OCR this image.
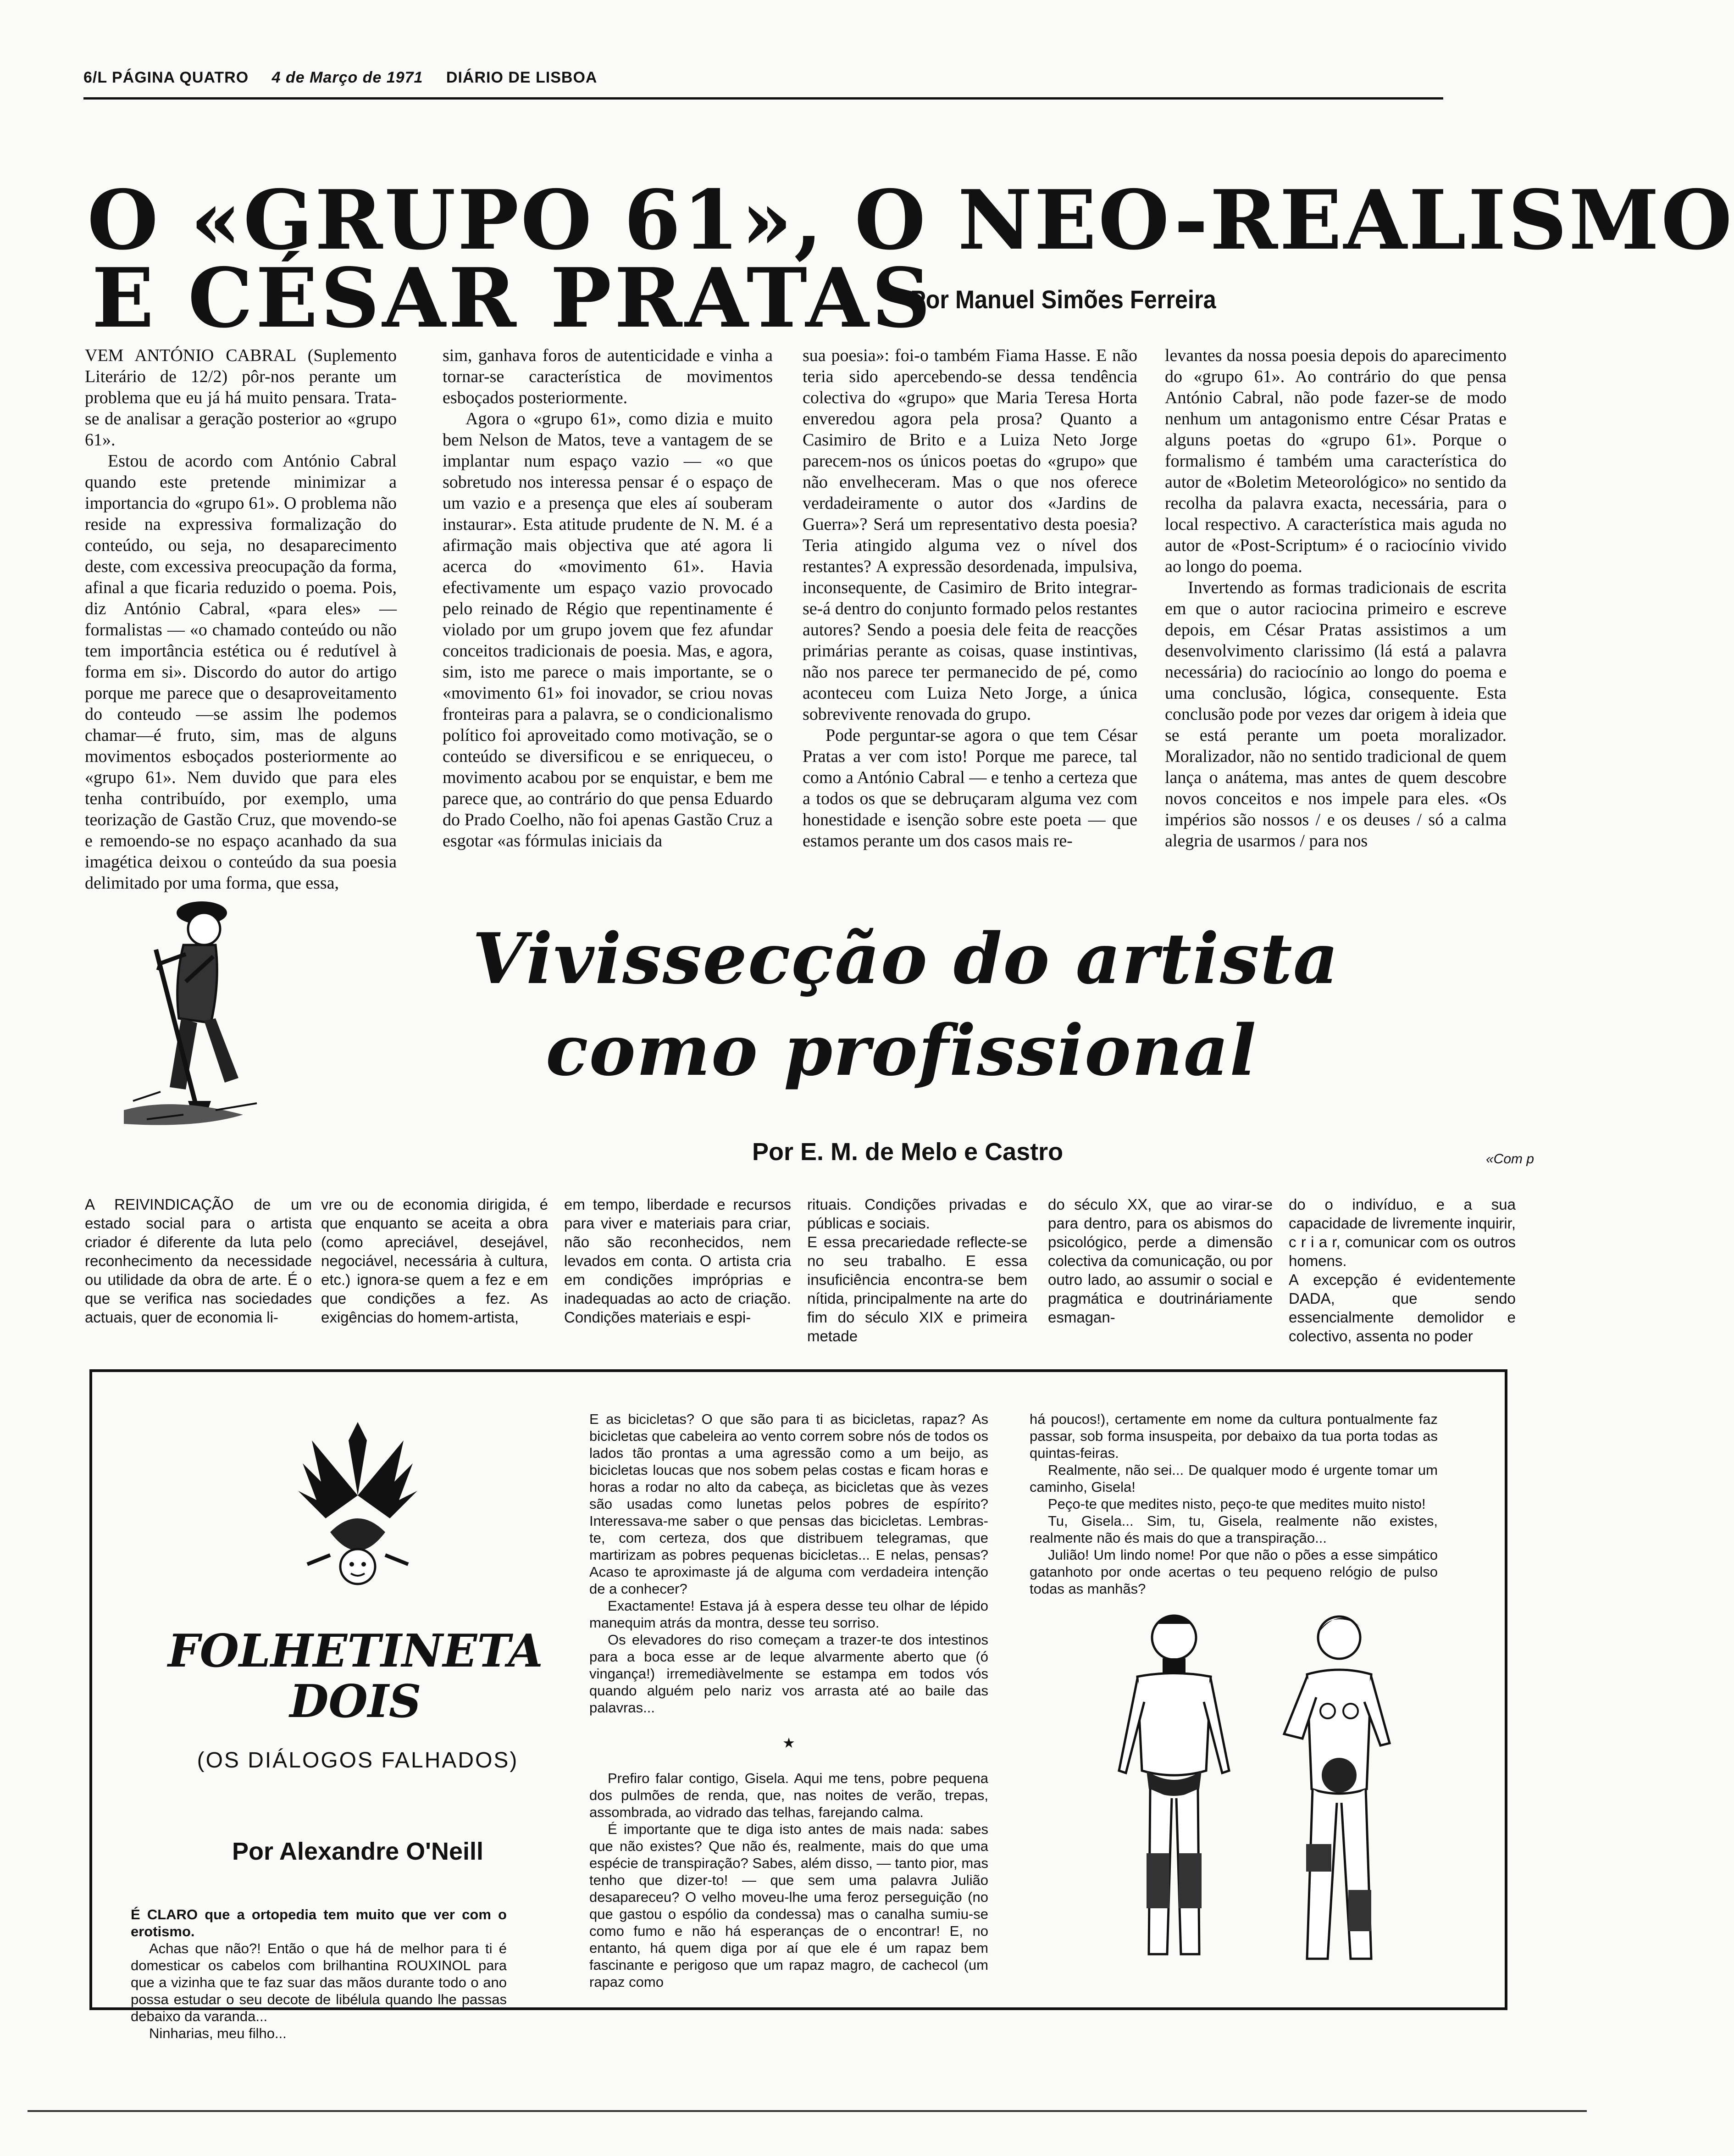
6/L PÁGINA QUATRO 4 de Março de 1971 DIÁRIO DE LISBOA
O «GRUPO 61», O NEO-REALISMO
E CÉSAR PRATAS
Por Manuel Simões Ferreira

VEM ANTÓNIO CABRAL (Suplemento Literário de 12/2) pôr-nos perante um problema que eu já há muito pensara. Trata-se de analisar a geração posterior ao «grupo 61».

Estou de acordo com António Cabral quando este pretende minimizar a importancia do «grupo 61». O problema não reside na expressiva formalização do conteúdo, ou seja, no desaparecimento deste, com excessiva preocupação da forma, afinal a que ficaria reduzido o poema. Pois, diz António Cabral, «para eles» — formalistas — «o chamado conteúdo ou não tem importância estética ou é redutível à forma em si». Discordo do autor do artigo porque me parece que o desaproveitamento do conteudo —se assim lhe podemos chamar—é fruto, sim, mas de alguns movimentos esboçados posteriormente ao «grupo 61». Nem duvido que para eles tenha contribuído, por exemplo, uma teorização de Gastão Cruz, que movendo-se e remoendo-se no espaço acanhado da sua imagética deixou o conteúdo da sua poesia delimitado por uma forma, que essa,

sim, ganhava foros de autenticidade e vinha a tornar-se característica de movimentos esboçados posteriormente.

Agora o «grupo 61», como dizia e muito bem Nelson de Matos, teve a vantagem de se implantar num espaço vazio — «o que sobretudo nos interessa pensar é o espaço de um vazio e a presença que eles aí souberam instaurar». Esta atitude prudente de N. M. é a afirmação mais objectiva que até agora li acerca do «movimento 61». Havia efectivamente um espaço vazio provocado pelo reinado de Régio que repentinamente é violado por um grupo jovem que fez afundar conceitos tradicionais de poesia. Mas, e agora, sim, isto me parece o mais importante, se o «movimento 61» foi inovador, se criou novas fronteiras para a palavra, se o condicionalismo político foi aproveitado como motivação, se o conteúdo se diversificou e se enriqueceu, o movimento acabou por se enquistar, e bem me parece que, ao contrário do que pensa Eduardo do Prado Coelho, não foi apenas Gastão Cruz a esgotar «as fórmulas iniciais da

sua poesia»: foi-o também Fiama Hasse. E não teria sido apercebendo-se dessa tendência colectiva do «grupo» que Maria Teresa Horta enveredou agora pela prosa? Quanto a Casimiro de Brito e a Luiza Neto Jorge parecem-nos os únicos poetas do «grupo» que não envelheceram. Mas o que nos oferece verdadeiramente o autor dos «Jardins de Guerra»? Será um representativo desta poesia? Teria atingido alguma vez o nível dos restantes? A expressão desordenada, impulsiva, inconsequente, de Casimiro de Brito integrar-se-á dentro do conjunto formado pelos restantes autores? Sendo a poesia dele feita de reacções primárias perante as coisas, quase instintivas, não nos parece ter permanecido de pé, como aconteceu com Luiza Neto Jorge, a única sobrevivente renovada do grupo.

Pode perguntar-se agora o que tem César Pratas a ver com isto! Porque me parece, tal como a António Cabral — e tenho a certeza que a todos os que se debruçaram alguma vez com honestidade e isenção sobre este poeta — que estamos perante um dos casos mais re-

levantes da nossa poesia depois do aparecimento do «grupo 61». Ao contrário do que pensa António Cabral, não pode fazer-se de modo nenhum um antagonismo entre César Pratas e alguns poetas do «grupo 61». Porque o formalismo é também uma característica do autor de «Boletim Meteorológico» no sentido da recolha da palavra exacta, necessária, para o local respectivo. A característica mais aguda no autor de «Post-Scriptum» é o raciocínio vivido ao longo do poema.

Invertendo as formas tradicionais de escrita em que o autor raciocina primeiro e escreve depois, em César Pratas assistimos a um desenvolvimento clarissimo (lá está a palavra necessária) do raciocínio ao longo do poema e uma conclusão, lógica, consequente. Esta conclusão pode por vezes dar origem à ideia que se está perante um poeta moralizador. Moralizador, não no sentido tradicional de quem lança o anátema, mas antes de quem descobre novos conceitos e nos impele para eles. «Os impérios são nossos / e os deuses / só a calma alegria de usarmos / para nos

Vivissecção do artista
como profissional
Por E. M. de Melo e Castro	«Com p

A REIVINDICAÇÃO de um estado social para o artista criador é diferente da luta pelo reconhecimento da necessidade ou utilidade da obra de arte. É o que se verifica nas sociedades actuais, quer de economia li-

vre ou de economia dirigida, é que enquanto se aceita a obra (como apreciável, desejável, negociável, necessária à cultura, etc.) ignora-se quem a fez e em que condições a fez. As exigências do homem-artista,

em tempo, liberdade e recursos para viver e materiais para criar, não são reconhecidos, nem levados em conta. O artista cria em condições impróprias e inadequadas ao acto de criação. Condições materiais e espi-

rituais. Condições privadas e públicas e sociais.
E essa precariedade reflecte-se no seu trabalho. E essa insuficiência encontra-se bem nítida, principalmente na arte do fim do século XIX e primeira metade

do século XX, que ao virar-se para dentro, para os abismos do psicológico, perde a dimensão colectiva da comunicação, ou por outro lado, ao assumir o social e pragmática e doutrináriamente esmagan-

do o indivíduo, e a sua capacidade de livremente inquirir, c r i a r, comunicar com os outros homens.
A excepção é evidentemente DADA, que sendo essencialmente demolidor e colectivo, assenta no poder

FOLHETINETA DOIS
(OS DIÁLOGOS FALHADOS)
Por Alexandre O'Neill

É CLARO que a ortopedia tem muito que ver com o erotismo.

Achas que não?! Então o que há de melhor para ti é domesticar os cabelos com brilhantina ROUXINOL para que a vizinha que te faz suar das mãos durante todo o ano possa estudar o seu decote de libélula quando lhe passas debaixo da varanda...

Ninharias, meu filho...

E as bicicletas? O que são para ti as bicicletas, rapaz? As bicicletas que cabeleira ao vento correm sobre nós de todos os lados tão prontas a uma agressão como a um beijo, as bicicletas loucas que nos sobem pelas costas e ficam horas e horas a rodar no alto da cabeça, as bicicletas que às vezes são usadas como lunetas pelos pobres de espírito? Interessava-me saber o que pensas das bicicletas. Lembras-te, com certeza, dos que distribuem telegramas, que martirizam as pobres pequenas bicicletas... E nelas, pensas? Acaso te aproximaste já de alguma com verdadeira intenção de a conhecer?

Exactamente! Estava já à espera desse teu olhar de lépido manequim atrás da montra, desse teu sorriso.

Os elevadores do riso começam a trazer-te dos intestinos para a boca esse ar de leque alvarmente aberto que (ó vingança!) irremediàvelmente se estampa em todos vós quando alguém pelo nariz vos arrasta até ao baile das palavras...

★

Prefiro falar contigo, Gisela. Aqui me tens, pobre pequena dos pulmões de renda, que, nas noites de verão, trepas, assombrada, ao vidrado das telhas, farejando calma.

É importante que te diga isto antes de mais nada: sabes que não existes? Que não és, realmente, mais do que uma espécie de transpiração? Sabes, além disso, — tanto pior, mas tenho que dizer-to! — que sem uma palavra Julião desapareceu? O velho moveu-lhe uma feroz perseguição (no que gastou o espólio da condessa) mas o canalha sumiu-se como fumo e não há esperanças de o encontrar! E, no entanto, há quem diga por aí que ele é um rapaz bem fascinante e perigoso que um rapaz magro, de cachecol (um rapaz como

há poucos!), certamente em nome da cultura pontualmente faz passar, sob forma insuspeita, por debaixo da tua porta todas as quintas-feiras.

Realmente, não sei... De qualquer modo é urgente tomar um caminho, Gisela!

Peço-te que medites nisto, peço-te que medites muito nisto!

Tu, Gisela... Sim, tu, Gisela, realmente não existes, realmente não és mais do que a transpiração...

Julião! Um lindo nome! Por que não o pões a esse simpático gatanhoto por onde acertas o teu pequeno relógio de pulso todas as manhãs?
